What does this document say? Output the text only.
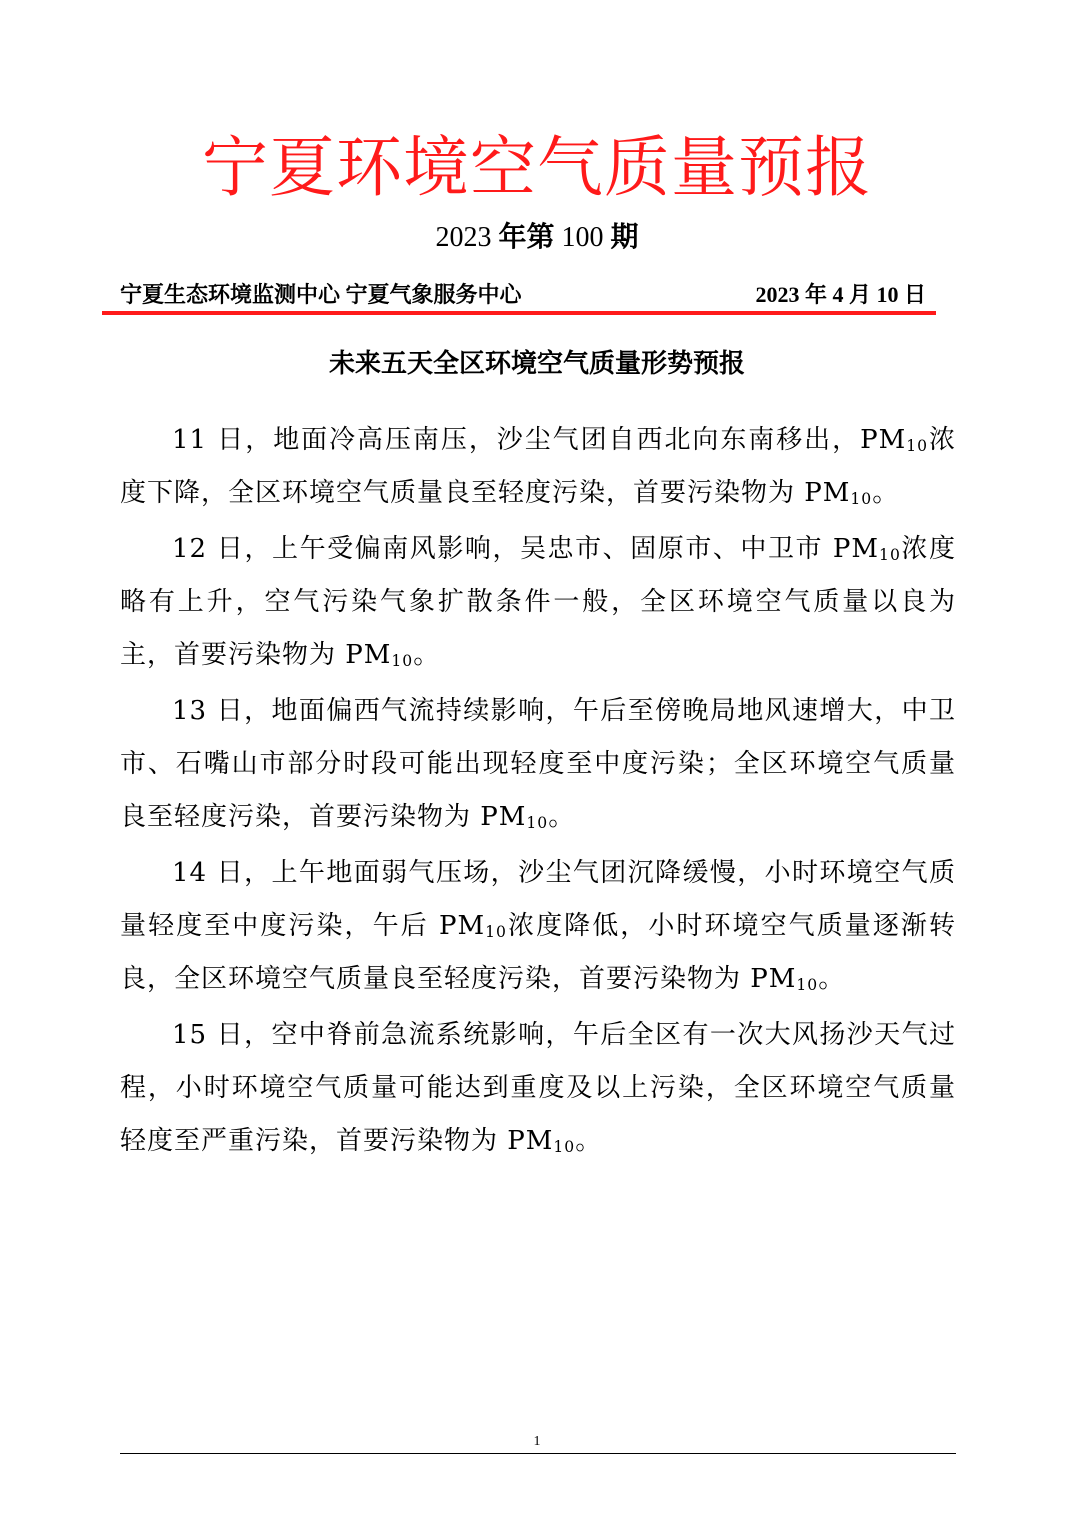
宁夏环境空气质量预报
2023 年第 100 期
宁夏生态环境监测中心 宁夏气象服务中心	2023 年 4 月 10 日
未来五天全区环境空气质量形势预报

11 日，地面冷高压南压，沙尘气团自西北向东南移出，$PM_{10}$浓度下降，全区环境空气质量良至轻度污染，首要污染物为 $PM_{10}$。

12 日，上午受偏南风影响，吴忠市、固原市、中卫市 $PM_{10}$浓度略有上升，空气污染气象扩散条件一般，全区环境空气质量以良为主，首要污染物为 $PM_{10}$。

13 日，地面偏西气流持续影响，午后至傍晚局地风速增大，中卫市、石嘴山市部分时段可能出现轻度至中度污染；全区环境空气质量良至轻度污染，首要污染物为 $PM_{10}$。

14 日，上午地面弱气压场，沙尘气团沉降缓慢，小时环境空气质量轻度至中度污染，午后 $PM_{10}$浓度降低，小时环境空气质量逐渐转良，全区环境空气质量良至轻度污染，首要污染物为 $PM_{10}$。

15 日，空中脊前急流系统影响，午后全区有一次大风扬沙天气过程，小时环境空气质量可能达到重度及以上污染，全区环境空气质量轻度至严重污染，首要污染物为 $PM_{10}$。

1
